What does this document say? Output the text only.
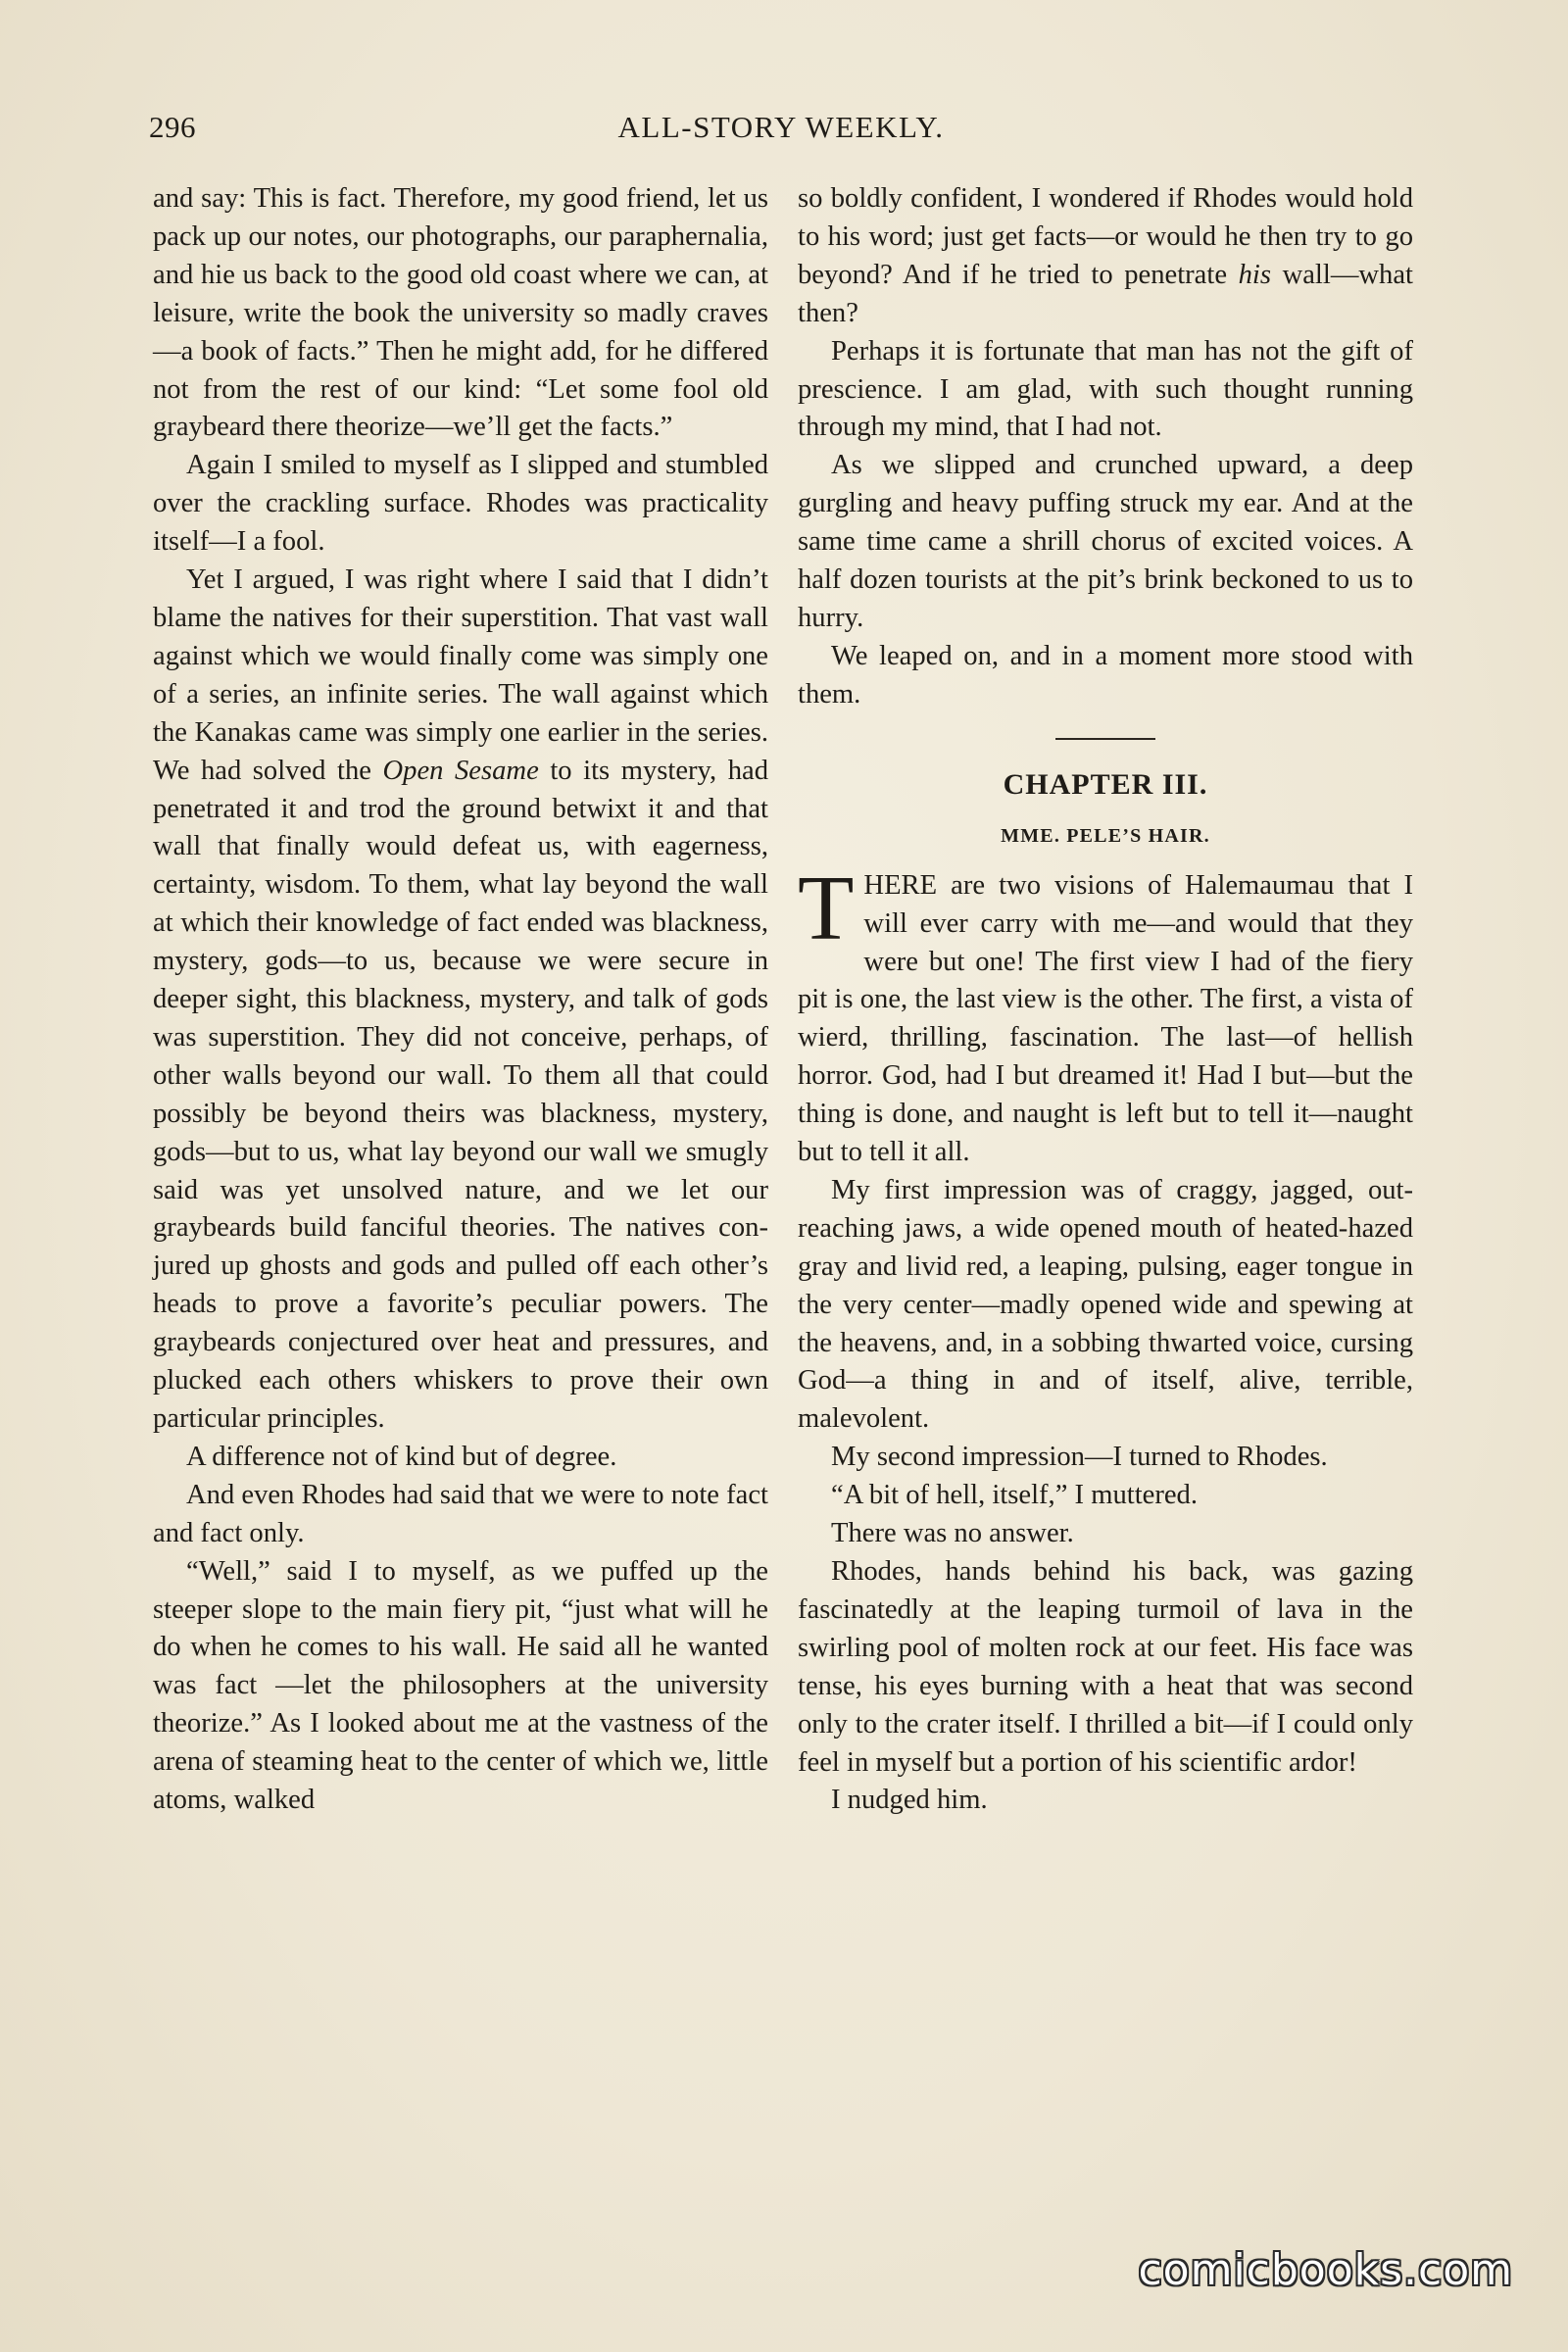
296	ALL-STORY WEEKLY.

and say: This is fact. Therefore, my good friend, let us pack up our notes, our photographs, our paraphernalia, and hie us back to the good old coast where we can, at leisure, write the book the university so madly craves—a book of facts.” Then he might add, for he differed not from the rest of our kind: “Let some fool old graybeard there theorize—we’ll get the facts.”

Again I smiled to myself as I slipped and stumbled over the crackling surface. Rhodes was practicality itself—I a fool.

Yet I argued, I was right where I said that I didn’t blame the natives for their superstition. That vast wall against which we would finally come was simply one of a series, an infinite series. The wall against which the Kanakas came was simply one earlier in the series. We had solved the Open Sesame to its mystery, had penetrated it and trod the ground betwixt it and that wall that finally would defeat us, with eagerness, certainty, wisdom. To them, what lay beyond the wall at which their knowledge of fact ended was blackness, mystery, gods—to us, because we were secure in deeper sight, this blackness, mystery, and talk of gods was superstition. They did not conceive, perhaps, of other walls beyond our wall. To them all that could possibly be beyond theirs was blackness, mystery, gods—but to us, what lay beyond our wall we smugly said was yet unsolved nature, and we let our graybeards build fanciful theories. The natives conjured up ghosts and gods and pulled off each other’s heads to prove a favorite’s peculiar powers. The graybeards conjectured over heat and pressures, and plucked each others whiskers to prove their own particular principles.

A difference not of kind but of degree.

And even Rhodes had said that we were to note fact and fact only.

“Well,” said I to myself, as we puffed up the steeper slope to the main fiery pit, “just what will he do when he comes to his wall. He said all he wanted was fact —let the philosophers at the university theorize.” As I looked about me at the vastness of the arena of steaming heat to the center of which we, little atoms, walked

so boldly confident, I wondered if Rhodes would hold to his word; just get facts—or would he then try to go beyond? And if he tried to penetrate his wall—what then?

Perhaps it is fortunate that man has not the gift of prescience. I am glad, with such thought running through my mind, that I had not.

As we slipped and crunched upward, a deep gurgling and heavy puffing struck my ear. And at the same time came a shrill chorus of excited voices. A half dozen tourists at the pit’s brink beckoned to us to hurry.

We leaped on, and in a moment more stood with them.

CHAPTER III.
MME. PELE’S HAIR.

THERE are two visions of Halemaumau that I will ever carry with me—and would that they were but one! The first view I had of the fiery pit is one, the last view is the other. The first, a vista of wierd, thrilling, fascination. The last—of hellish horror. God, had I but dreamed it! Had I but—but the thing is done, and naught is left but to tell it—naught but to tell it all.

My first impression was of craggy, jagged, out-reaching jaws, a wide opened mouth of heated-hazed gray and livid red, a leaping, pulsing, eager tongue in the very center—madly opened wide and spewing at the heavens, and, in a sobbing thwarted voice, cursing God—a thing in and of itself, alive, terrible, malevolent.

My second impression—I turned to Rhodes.

“A bit of hell, itself,” I muttered.

There was no answer.

Rhodes, hands behind his back, was gazing fascinatedly at the leaping turmoil of lava in the swirling pool of molten rock at our feet. His face was tense, his eyes burning with a heat that was second only to the crater itself. I thrilled a bit—if I could only feel in myself but a portion of his scientific ardor!

I nudged him.

comicbooks.com
